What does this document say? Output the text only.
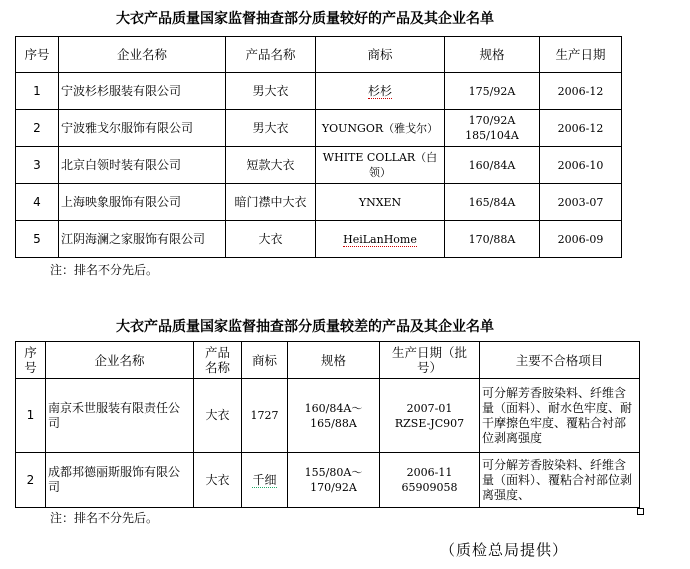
大衣产品质量国家监督抽查部分质量较好的产品及其企业名单
序号	企业名称	产品名称	商标	规格	生产日期
1	宁波杉杉服装有限公司	男大衣	杉杉	175/92A	2006-12
2	宁波雅戈尔服饰有限公司	男大衣	YOUNGOR（雅戈尔）	170/92A 185/104A	2006-12
3	北京白领时装有限公司	短款大衣	WHITE COLLAR（白领）	160/84A	2006-10
4	上海映象服饰有限公司	暗门襟中大衣	YNXEN	165/84A	2003-07
5	江阴海澜之家服饰有限公司	大衣	HeiLanHome	170/88A	2006-09
注：排名不分先后。
大衣产品质量国家监督抽查部分质量较差的产品及其企业名单
序号	企业名称	产品名称	商标	规格	生产日期（批号）	主要不合格项目
1	南京禾世服装有限责任公司	大衣	1727	160/84A～165/88A	2007-01 RZSE-JC907	可分解芳香胺染料、纤维含量（面料）、耐水色牢度、耐干摩擦色牢度、覆粘合衬部位剥离强度
2	成都邦德丽斯服饰有限公司	大衣	千细	155/80A～170/92A	2006-11 65909058	可分解芳香胺染料、纤维含量（面料）、覆粘合衬部位剥离强度、
注：排名不分先后。
（质检总局提供）
